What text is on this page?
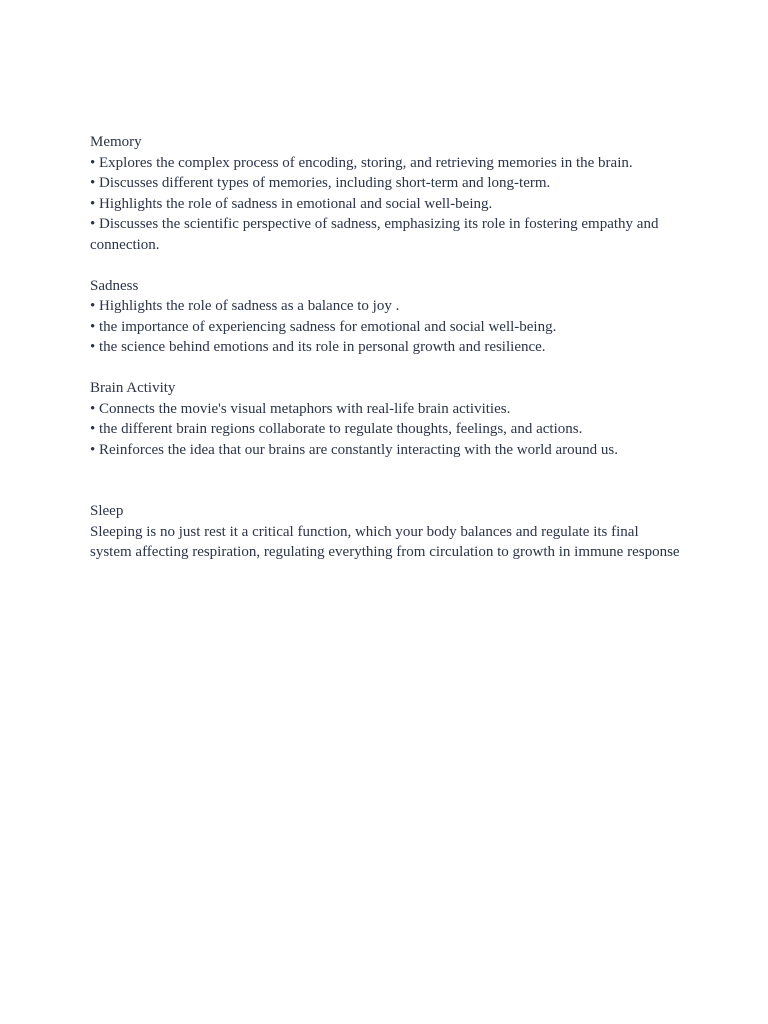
Memory

• Explores the complex process of encoding, storing, and retrieving memories in the brain.

• Discusses different types of memories, including short-term and long-term.

• Highlights the role of sadness in emotional and social well-being.

• Discusses the scientific perspective of sadness, emphasizing its role in fostering empathy and connection.

Sadness

• Highlights the role of sadness as a balance to joy .

• the importance of experiencing sadness for emotional and social well-being.

• the science behind emotions and its role in personal growth and resilience.

Brain Activity

• Connects the movie's visual metaphors with real-life brain activities.

• the different brain regions collaborate to regulate thoughts, feelings, and actions.

• Reinforces the idea that our brains are constantly interacting with the world around us.

Sleep

Sleeping is no just rest it a critical function, which your body balances and regulate its final system affecting respiration, regulating everything from circulation to growth in immune response
